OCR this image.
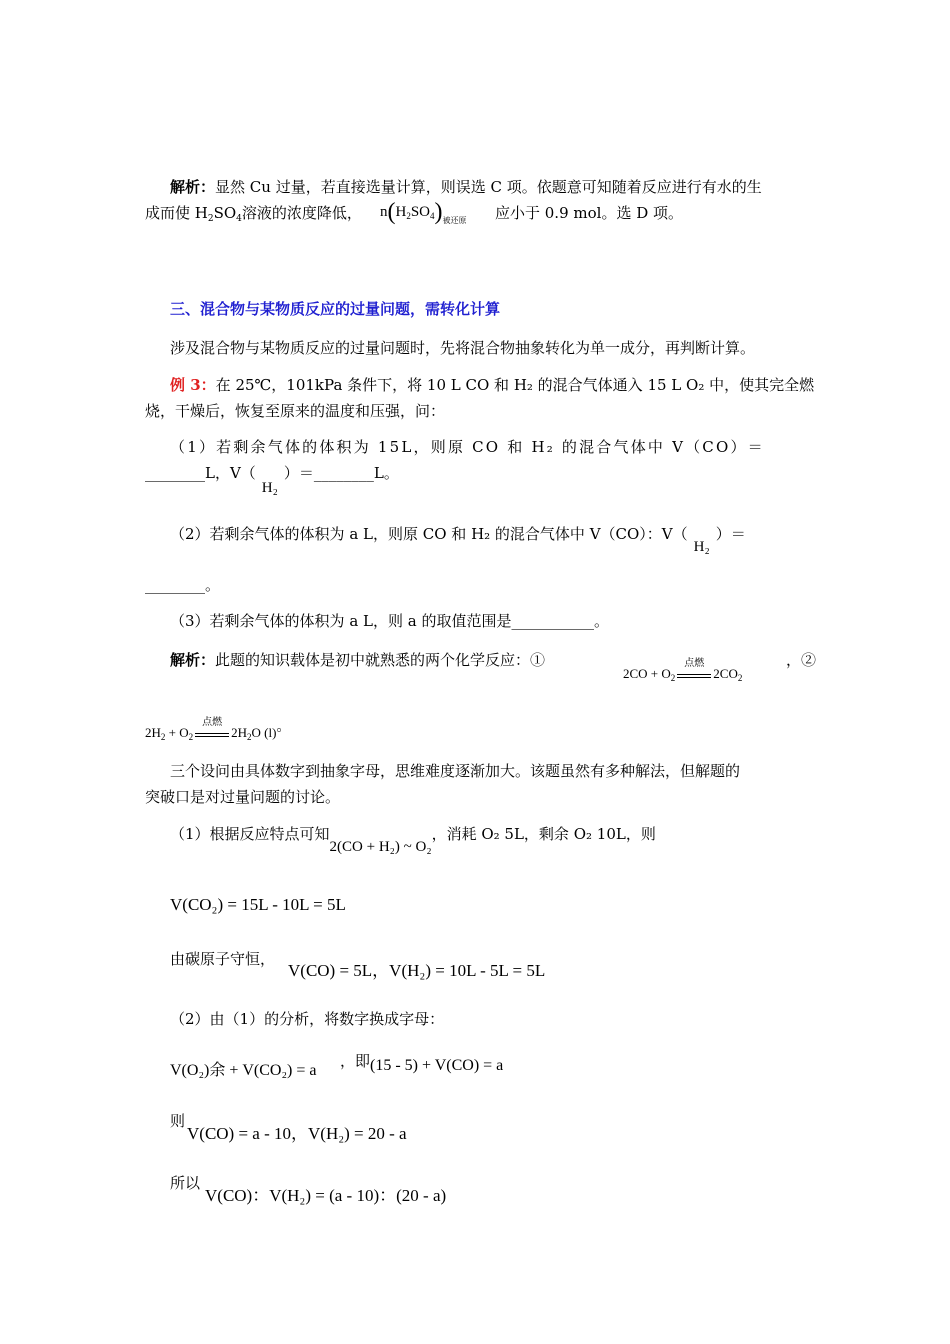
解析：显然 Cu 过量，若直接选量计算，则误选 C 项。依题意可知随着反应进行有水的生
成而使 $H_2SO_4$溶液的浓度降低， $n(H_2SO_4)_{被还原}$ 应小于 0.9 mol。选 D 项。
三、混合物与某物质反应的过量问题，需转化计算
涉及混合物与某物质反应的过量问题时，先将混合物抽象转化为单一成分，再判断计算。
例 3：在 25℃，101kPa 条件下，将 10 L CO 和 H₂ 的混合气体通入 15 L O₂ 中，使其完全燃
烧，干燥后，恢复至原来的温度和压强，问：
（1）若剩余气体的体积为 15L，则原 CO 和 H₂ 的混合气体中 V（CO）＝
________L，V（H₂）＝________L。
（2）若剩余气体的体积为 a L，则原 CO 和 H₂ 的混合气体中 V（CO）：V（H₂）＝
________。
（3）若剩余气体的体积为 a L，则 a 的取值范围是___________。
解析：此题的知识载体是初中就熟悉的两个化学反应：①
$2CO + O_2$
点燃
$2CO_2$
，②
$2H_2 + O_2$
点燃
$2H_2O$ (l)。
三个设问由具体数字到抽象字母，思维难度逐渐加大。该题虽然有多种解法，但解题的
突破口是对过量问题的讨论。
（1）根据反应特点可知2(CO + H₂) ~ O₂，消耗 O₂ 5L，剩余 O₂ 10L，则
V(CO₂) = 15L - 10L = 5L
由碳原子守恒，
V(CO) = 5L，V(H₂) = 10L - 5L = 5L
（2）由（1）的分析，将数字换成字母：
V(O₂)余 + V(CO₂) = a
，即 (15 - 5) + V(CO) = a
则
V(CO) = a - 10，V(H₂) = 20 - a
所以
V(CO)：V(H₂) = (a - 10)：(20 - a)
